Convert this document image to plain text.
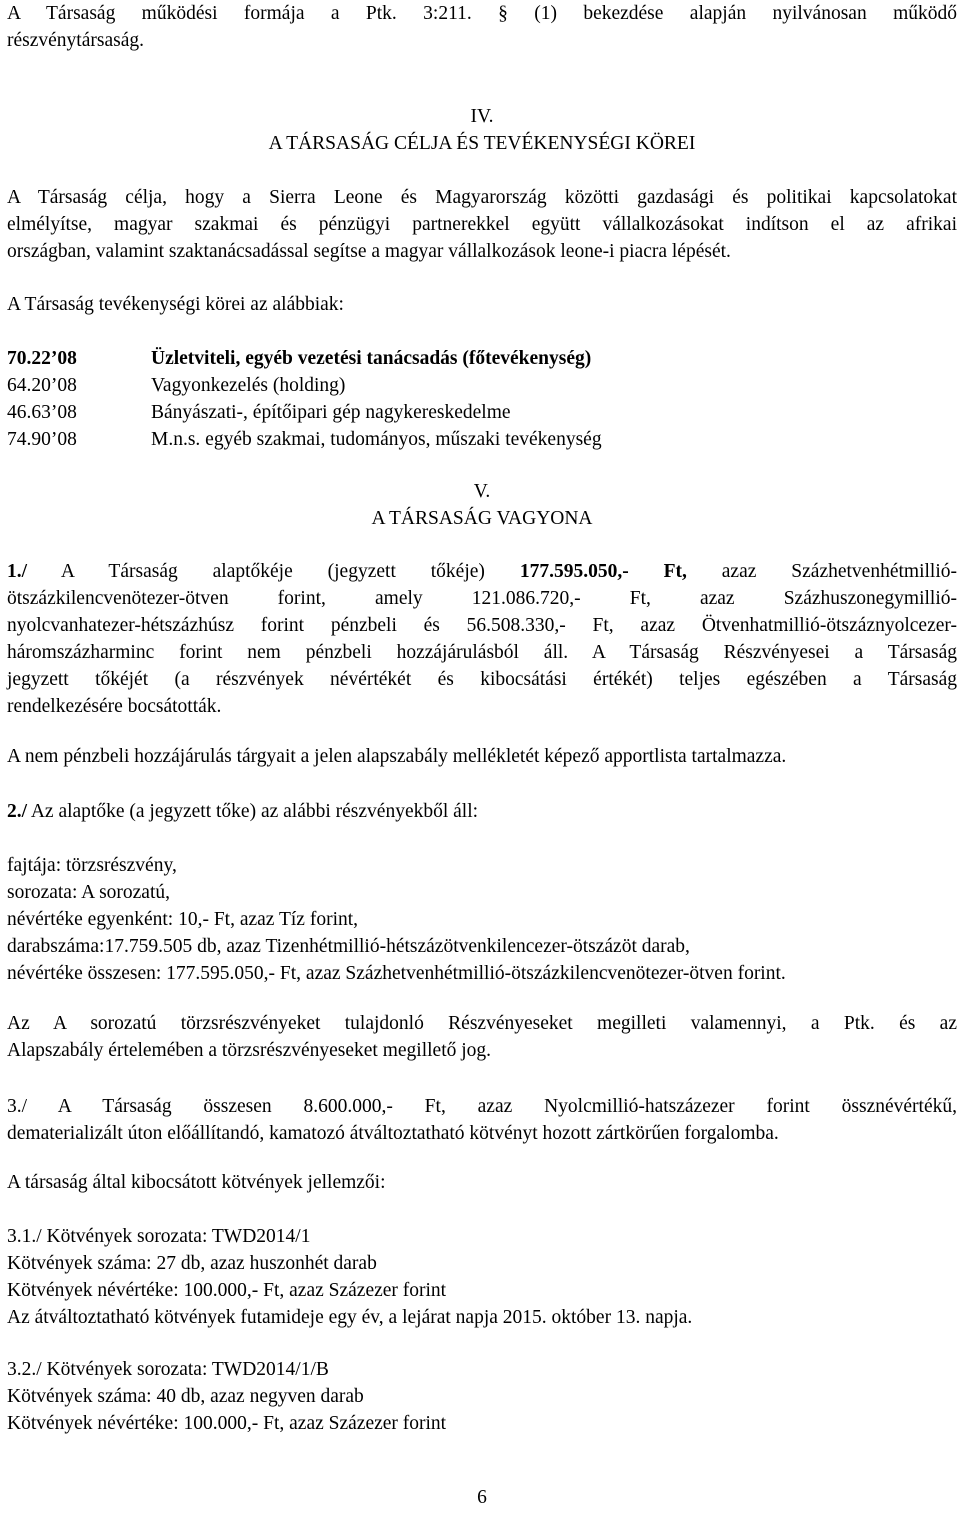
A Társaság működési formája a Ptk. 3:211. § (1) bekezdése alapján nyilvánosan működő
részvénytársaság.
IV.
A TÁRSASÁG CÉLJA ÉS TEVÉKENYSÉGI KÖREI
A Társaság célja, hogy a Sierra Leone és Magyarország közötti gazdasági és politikai kapcsolatokat
elmélyítse, magyar szakmai és pénzügyi partnerekkel együtt vállalkozásokat indítson el az afrikai
országban, valamint szaktanácsadással segítse a magyar vállalkozások leone-i piacra lépését.
A Társaság tevékenységi körei az alábbiak:
70.22’08	Üzletviteli, egyéb vezetési tanácsadás (főtevékenység)
64.20’08	Vagyonkezelés (holding)
46.63’08	Bányászati-, építőipari gép nagykereskedelme
74.90’08	M.n.s. egyéb szakmai, tudományos, műszaki tevékenység
V.
A TÁRSASÁG VAGYONA
1./ A Társaság alaptőkéje (jegyzett tőkéje) 177.595.050,- Ft, azaz Százhetvenhétmillió-
ötszázkilencvenötezer-ötven forint, amely 121.086.720,- Ft, azaz Százhuszonegymillió-
nyolcvanhatezer-hétszázhúsz forint pénzbeli és 56.508.330,- Ft, azaz Ötvenhatmillió-ötszáznyolcezer-
háromszázharminc forint nem pénzbeli hozzájárulásból áll. A Társaság Részvényesei a Társaság
jegyzett tőkéjét (a részvények névértékét és kibocsátási értékét) teljes egészében a Társaság
rendelkezésére bocsátották.
A nem pénzbeli hozzájárulás tárgyait a jelen alapszabály mellékletét képező apportlista tartalmazza.
2./ Az alaptőke (a jegyzett tőke) az alábbi részvényekből áll:
fajtája: törzsrészvény,
sorozata: A sorozatú,
névértéke egyenként: 10,- Ft, azaz Tíz forint,
darabszáma:17.759.505 db, azaz Tizenhétmillió-hétszázötvenkilencezer-ötszázöt darab,
névértéke összesen: 177.595.050,- Ft, azaz Százhetvenhétmillió-ötszázkilencvenötezer-ötven forint.
Az A sorozatú törzsrészvényeket tulajdonló Részvényeseket megilleti valamennyi, a Ptk. és az
Alapszabály értelemében a törzsrészvényeseket megillető jog.
3./ A Társaság összesen 8.600.000,- Ft, azaz Nyolcmillió-hatszázezer forint össznévértékű,
dematerializált úton előállítandó, kamatozó átváltoztatható kötvényt hozott zártkörűen forgalomba.
A társaság által kibocsátott kötvények jellemzői:
3.1./ Kötvények sorozata: TWD2014/1
Kötvények száma: 27 db, azaz huszonhét darab
Kötvények névértéke: 100.000,- Ft, azaz Százezer forint
Az átváltoztatható kötvények futamideje egy év, a lejárat napja 2015. október 13. napja.
3.2./ Kötvények sorozata: TWD2014/1/B
Kötvények száma: 40 db, azaz negyven darab
Kötvények névértéke: 100.000,- Ft, azaz Százezer forint
6
